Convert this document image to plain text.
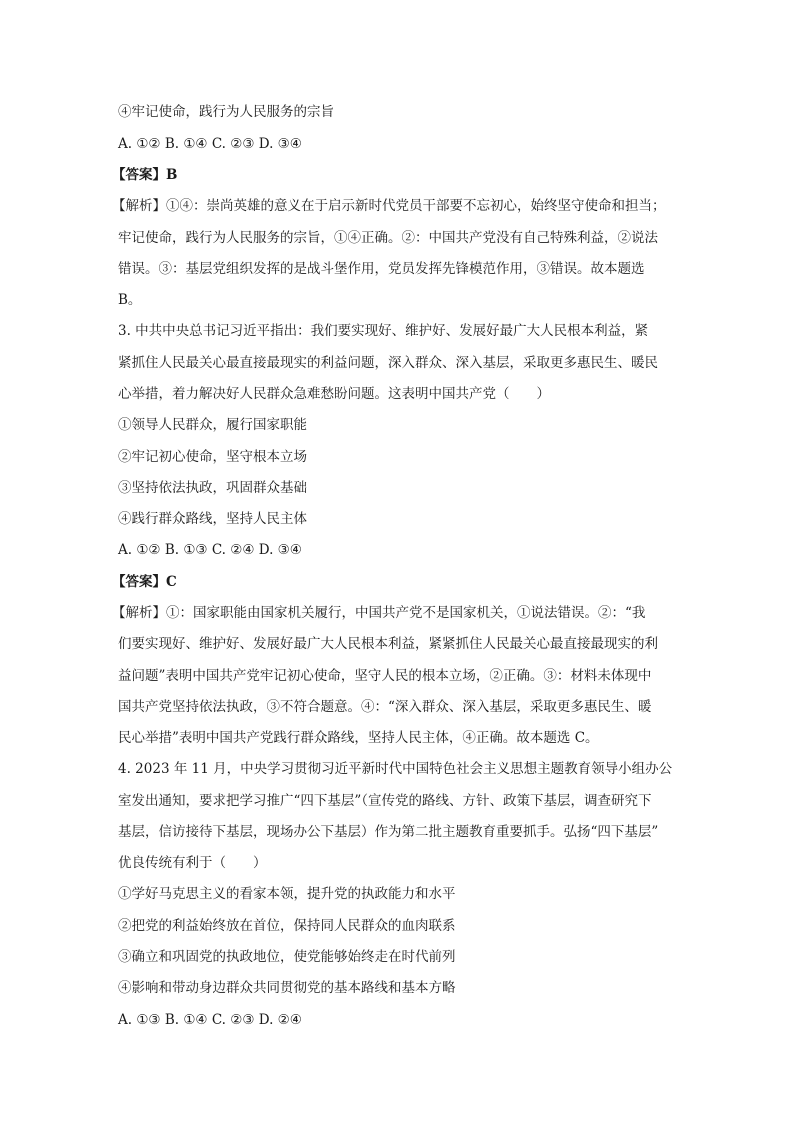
④牢记使命，践行为人民服务的宗旨
A. ①② B. ①④ C. ②③ D. ③④
【答案】B
【解析】①④：崇尚英雄的意义在于启示新时代党员干部要不忘初心，始终坚守使命和担当；
牢记使命，践行为人民服务的宗旨，①④正确。②：中国共产党没有自己特殊利益，②说法
错误。③：基层党组织发挥的是战斗堡作用，党员发挥先锋模范作用，③错误。故本题选
B。
3. 中共中央总书记习近平指出：我们要实现好、维护好、发展好最广大人民根本利益，紧
紧抓住人民最关心最直接最现实的利益问题，深入群众、深入基层，采取更多惠民生、暖民
心举措，着力解决好人民群众急难愁盼问题。这表明中国共产党（　　）
①领导人民群众，履行国家职能
②牢记初心使命，坚守根本立场
③坚持依法执政，巩固群众基础
④践行群众路线，坚持人民主体
A. ①② B. ①③ C. ②④ D. ③④
【答案】C
【解析】①：国家职能由国家机关履行，中国共产党不是国家机关，①说法错误。②：“我
们要实现好、维护好、发展好最广大人民根本利益，紧紧抓住人民最关心最直接最现实的利
益问题”表明中国共产党牢记初心使命，坚守人民的根本立场，②正确。③：材料未体现中
国共产党坚持依法执政，③不符合题意。④：“深入群众、深入基层，采取更多惠民生、暖
民心举措”表明中国共产党践行群众路线，坚持人民主体，④正确。故本题选 C。
4. 2023 年 11 月，中央学习贯彻习近平新时代中国特色社会主义思想主题教育领导小组办公
室发出通知，要求把学习推广“四下基层”（宣传党的路线、方针、政策下基层，调查研究下
基层，信访接待下基层，现场办公下基层）作为第二批主题教育重要抓手。弘扬“四下基层”
优良传统有利于（　　）
①学好马克思主义的看家本领，提升党的执政能力和水平
②把党的利益始终放在首位，保持同人民群众的血肉联系
③确立和巩固党的执政地位，使党能够始终走在时代前列
④影响和带动身边群众共同贯彻党的基本路线和基本方略
A. ①③ B. ①④ C. ②③ D. ②④
